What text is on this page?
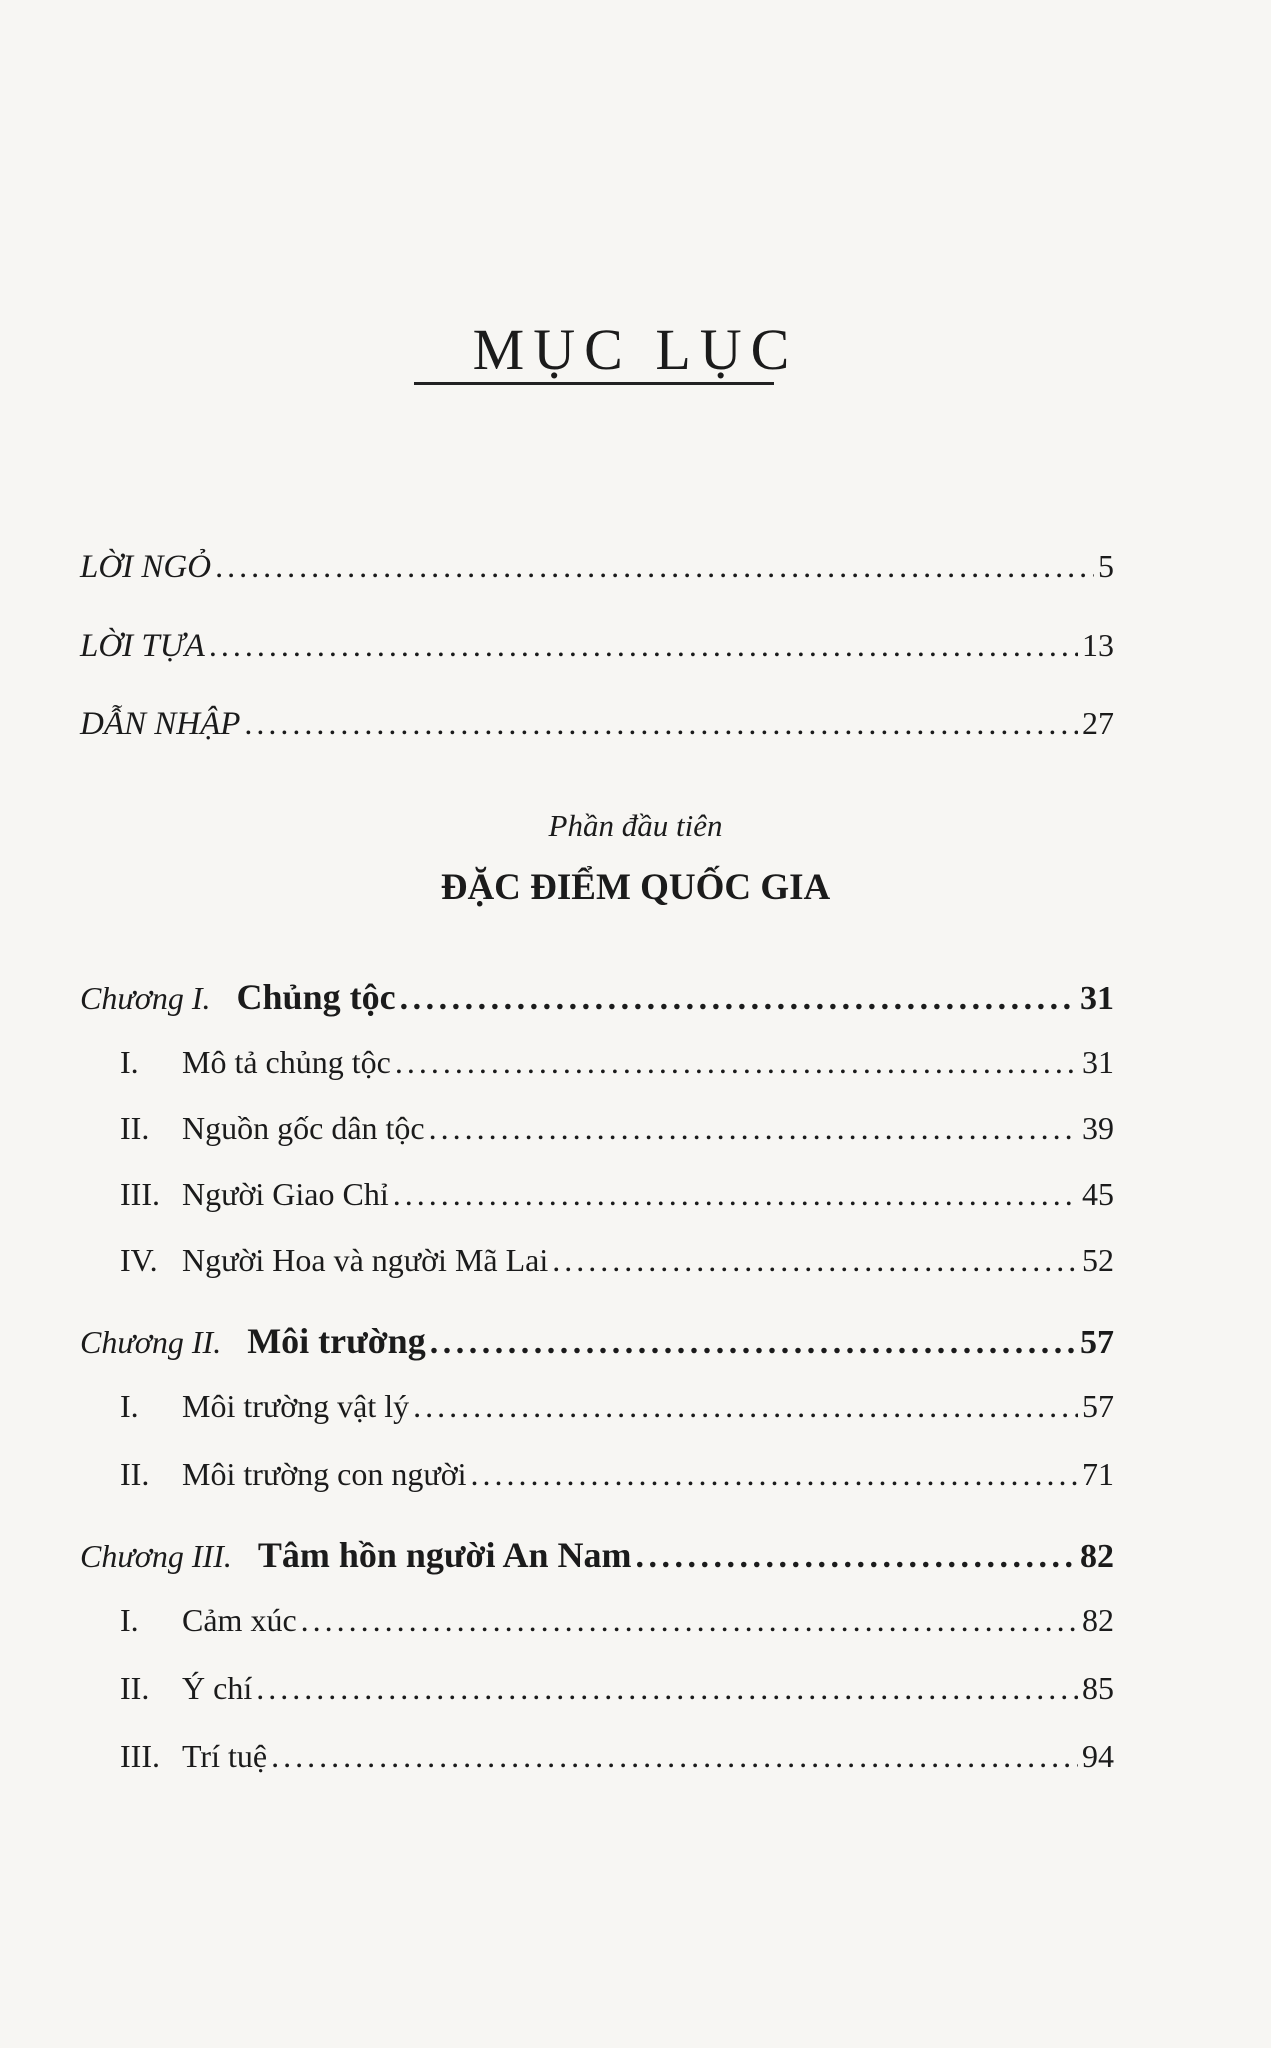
MỤC LỤC
LỜI NGỎ . . .	5
LỜI TỰA . . .	13
DẪN NHẬP . . .	27
Phần đầu tiên
ĐẶC ĐIỂM QUỐC GIA
Chương I. Chủng tộc . . .	31
I. Mô tả chủng tộc . . .	31
II. Nguồn gốc dân tộc . . .	39
III. Người Giao Chỉ . . .	45
IV. Người Hoa và người Mã Lai . . .	52
Chương II. Môi trường . . .	57
I. Môi trường vật lý . . .	57
II. Môi trường con người . . .	71
Chương III. Tâm hồn người An Nam . . .	82
I. Cảm xúc . . .	82
II. Ý chí . . .	85
III. Trí tuệ . . .	94
